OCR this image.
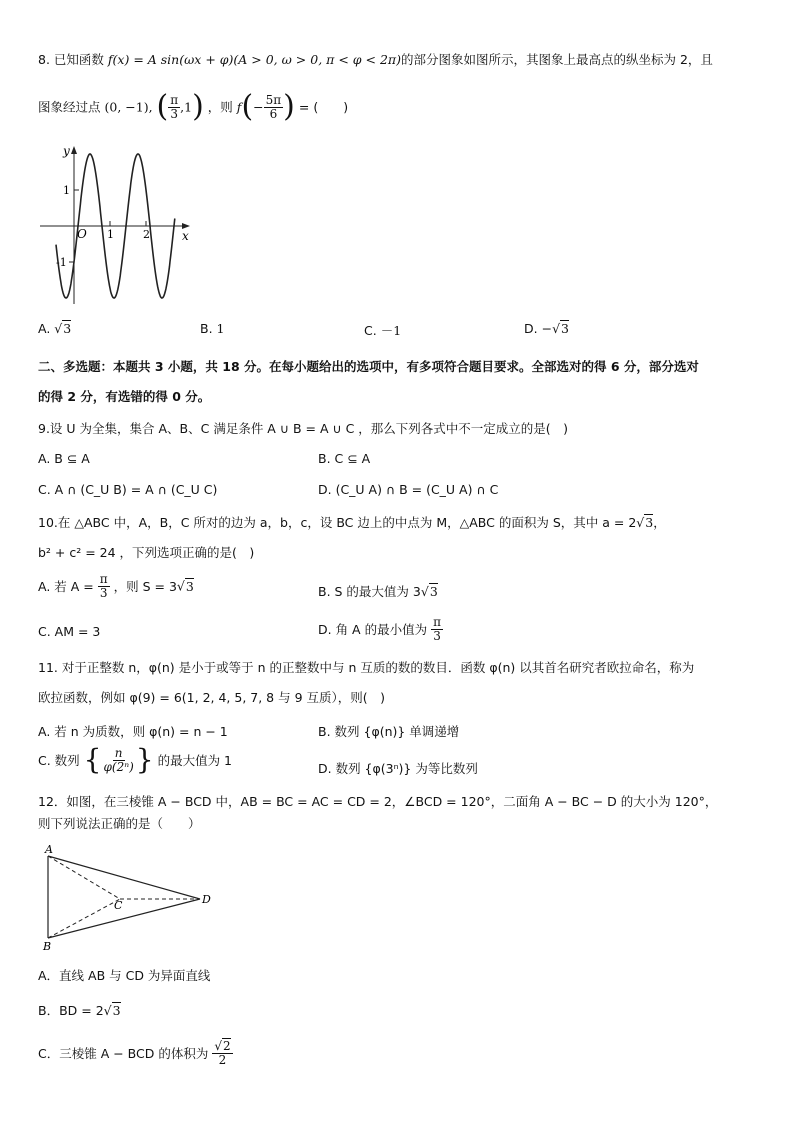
8. 已知函数 f(x) = A sin(ωx + φ)(A > 0, ω > 0, π < φ < 2π)的部分图象如图所示，其图象上最高点的纵坐标为 2，且
图象经过点 (0, −1), ( $\frac{\pi}{3} ,1$) ，则 $f(- \frac{5\pi}{6}$ ) = (　　)
y
x
O
1
-1
1	2
A. √3	B. 1	C. －1	D. −√3
二、多选题：本题共 3 小题，共 18 分。在每小题给出的选项中，有多项符合题目要求。全部选对的得 6 分，部分选对
的得 2 分，有选错的得 0 分。
9.设 U 为全集，集合 A、B、C 满足条件 A ∪ B = A ∪ C ，那么下列各式中不一定成立的是(　)
A. B ⊆ A	B. C ⊆ A
C. A ∩ (C_U B) = A ∩ (C_U C)	D. (C_U A) ∩ B = (C_U A) ∩ C
10.在 △ABC 中，A，B，C 所对的边为 a，b，c，设 BC 边上的中点为 M，△ABC 的面积为 S，其中 a = 2√3，
b² + c² = 24 ，下列选项正确的是(　)
A. 若 $A = \frac{\pi}{3}$ ，则 S = 3√3	B. S 的最大值为 3√3
C. AM = 3	D. 角 A 的最小值为 $\frac{\pi}{3}$
11. 对于正整数 n，φ(n) 是小于或等于 n 的正整数中与 n 互质的数的数目．函数 φ(n) 以其首名研究者欧拉命名，称为
欧拉函数，例如 φ(9) = 6(1, 2, 4, 5, 7, 8 与 9 互质），则(　)
A. 若 n 为质数，则 φ(n) = n − 1	B. 数列 {φ(n)} 单调递增
C. 数列 { $\frac{n}{\text{φ(2ⁿ)}}$ } 的最大值为 1
D. 数列 {φ(3ⁿ)} 为等比数列
12．如图，在三棱锥 A − BCD 中，AB = BC = AC = CD = 2，∠BCD = 120°，二面角 A − BC − D 的大小为 120°，
则下列说法正确的是（　　）
A
B
C	D
A．直线 AB 与 CD 为异面直线
B．BD = 2√3
C．三棱锥 A − BCD 的体积为 $\frac{√2}{2}$
